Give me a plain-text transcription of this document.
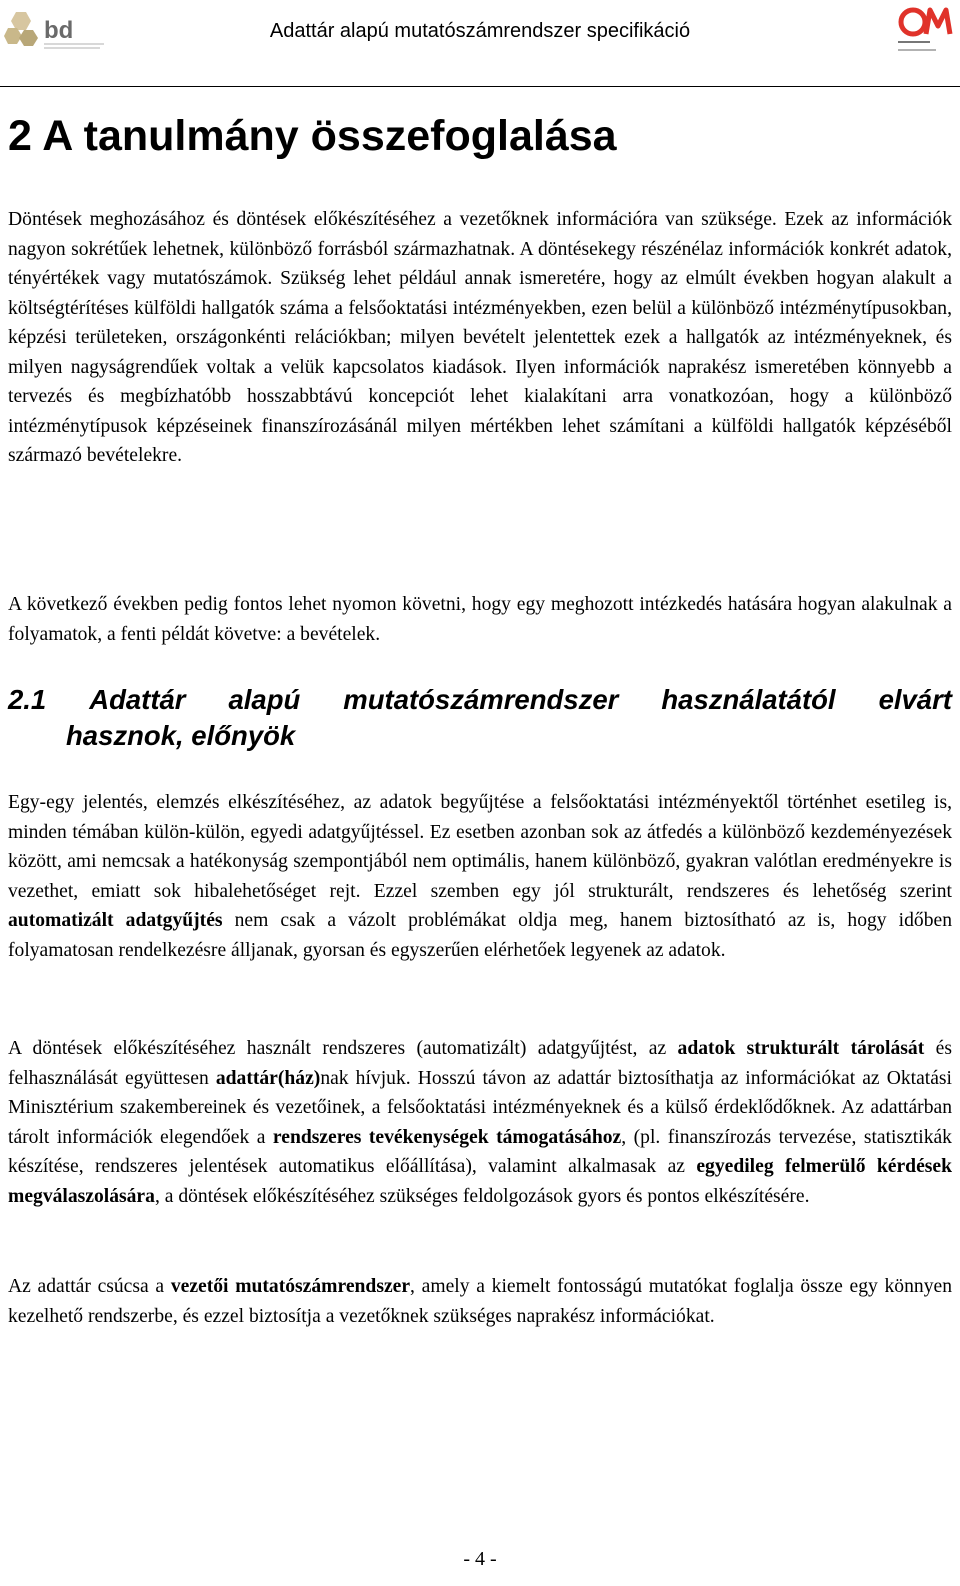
bd	Adattár alapú mutatószámrendszer specifikáció
2 A tanulmány összefoglalása

Döntések meghozásához és döntések előkészítéséhez a vezetőknek információra van szüksége. Ezek az információk nagyon sokrétűek lehetnek, különböző forrásból származhatnak. A döntésekegy részénélaz információk konkrét adatok, tényértékek vagy mutatószámok. Szükség lehet például annak ismeretére, hogy az elmúlt években hogyan alakult a költségtérítéses külföldi hallgatók száma a felsőoktatási intézményekben, ezen belül a különböző intézménytípusokban, képzési területeken, országonkénti relációkban; milyen bevételt jelentettek ezek a hallgatók az intézményeknek, és milyen nagyságrendűek voltak a velük kapcsolatos kiadások. Ilyen információk naprakész ismeretében könnyebb a tervezés és megbízhatóbb hosszabbtávú koncepciót lehet kialakítani arra vonatkozóan, hogy a különböző intézménytípusok képzéseinek finanszírozásánál milyen mértékben lehet számítani a külföldi hallgatók képzéséből származó bevételekre.

A következő években pedig fontos lehet nyomon követni, hogy egy meghozott intézkedés hatására hogyan alakulnak a folyamatok, a fenti példát követve: a bevételek.

2.1 Adattár alapú mutatószámrendszer használatától elvárt
hasznok, előnyök

Egy-egy jelentés, elemzés elkészítéséhez, az adatok begyűjtése a felsőoktatási intézményektől történhet esetileg is, minden témában külön-külön, egyedi adatgyűjtéssel. Ez esetben azonban sok az átfedés a különböző kezdeményezések között, ami nemcsak a hatékonyság szempontjából nem optimális, hanem különböző, gyakran valótlan eredményekre is vezethet, emiatt sok hibalehetőséget rejt. Ezzel szemben egy jól strukturált, rendszeres és lehetőség szerint automatizált adatgyűjtés nem csak a vázolt problémákat oldja meg, hanem biztosítható az is, hogy időben folyamatosan rendelkezésre álljanak, gyorsan és egyszerűen elérhetőek legyenek az adatok.

A döntések előkészítéséhez használt rendszeres (automatizált) adatgyűjtést, az adatok strukturált tárolását és felhasználását együttesen adattár(ház)nak hívjuk. Hosszú távon az adattár biztosíthatja az információkat az Oktatási Minisztérium szakembereinek és vezetőinek, a felsőoktatási intézményeknek és a külső érdeklődőknek. Az adattárban tárolt információk elegendőek a rendszeres tevékenységek támogatásához, (pl. finanszírozás tervezése, statisztikák készítése, rendszeres jelentések automatikus előállítása), valamint alkalmasak az egyedileg felmerülő kérdések megválaszolására, a döntések előkészítéséhez szükséges feldolgozások gyors és pontos elkészítésére.

Az adattár csúcsa a vezetői mutatószámrendszer, amely a kiemelt fontosságú mutatókat foglalja össze egy könnyen kezelhető rendszerbe, és ezzel biztosítja a vezetőknek szükséges naprakész információkat.

- 4 -
